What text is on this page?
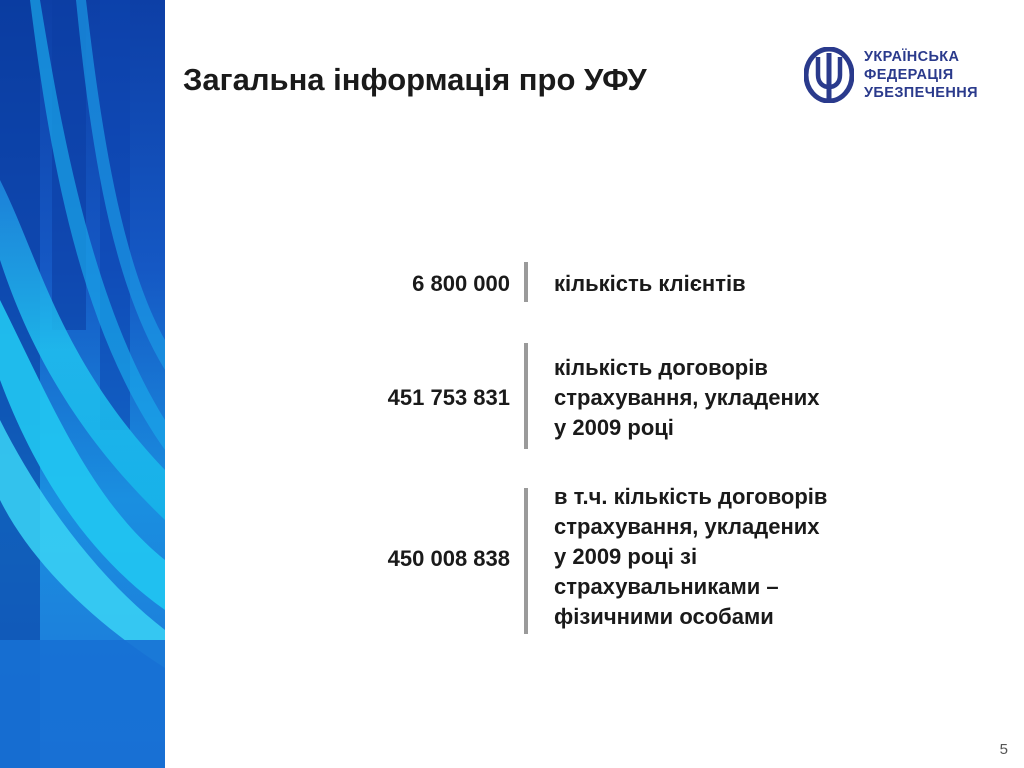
Загальна інформація про УФУ
УКРАЇНСЬКА
ФЕДЕРАЦІЯ
УБЕЗПЕЧЕННЯ
6 800 000 кількість клієнтів
451 753 831
кількість договорів
страхування, укладених
у 2009 році
450 008 838
в т.ч. кількість договорів
страхування, укладених
у 2009 році зі
страхувальниками –
фізичними особами
5
